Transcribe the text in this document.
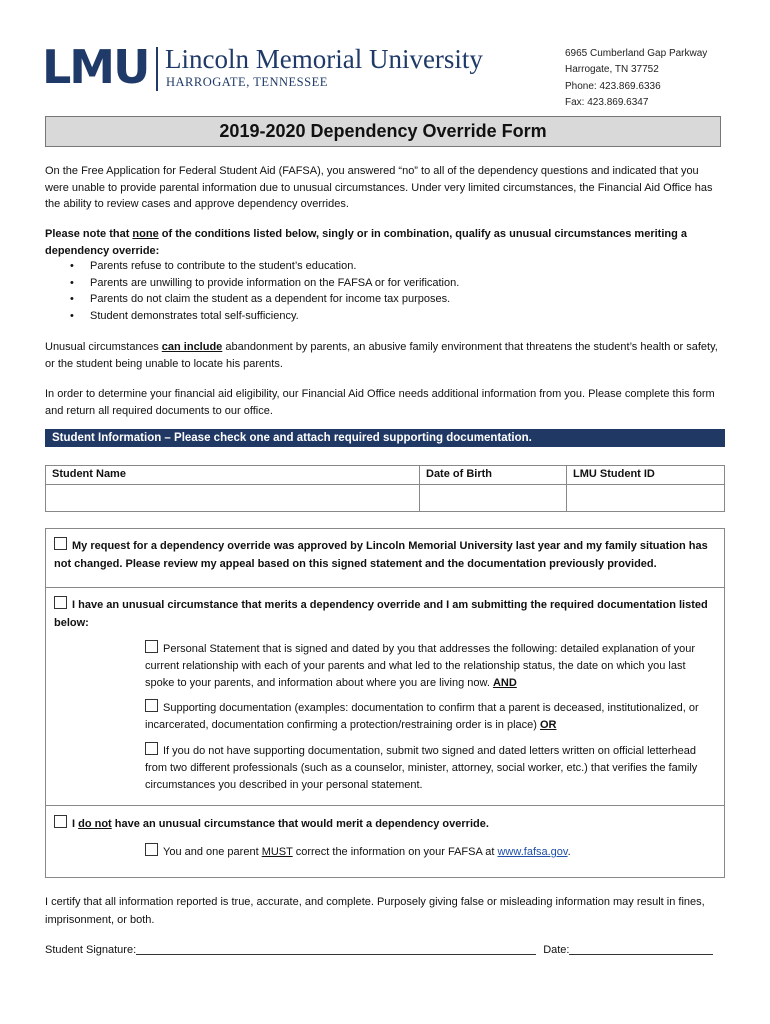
LMU Lincoln Memorial University
HARROGATE, TENNESSEE
6965 Cumberland Gap Parkway
Harrogate, TN 37752
Phone: 423.869.6336
Fax: 423.869.6347
2019-2020 Dependency Override Form

On the Free Application for Federal Student Aid (FAFSA), you answered “no” to all of the dependency questions and indicated that you were unable to provide parental information due to unusual circumstances. Under very limited circumstances, the Financial Aid Office has the ability to review cases and approve dependency overrides.

Please note that none of the conditions listed below, singly or in combination, qualify as unusual circumstances meriting a dependency override:

• Parents refuse to contribute to the student’s education.
• Parents are unwilling to provide information on the FAFSA or for verification.
• Parents do not claim the student as a dependent for income tax purposes.
• Student demonstrates total self-sufficiency.

Unusual circumstances can include abandonment by parents, an abusive family environment that threatens the student’s health or safety, or the student being unable to locate his parents.

In order to determine your financial aid eligibility, our Financial Aid Office needs additional information from you. Please complete this form and return all required documents to our office.

Student Information – Please check one and attach required supporting documentation.
Student Name	Date of Birth	LMU Student ID

My request for a dependency override was approved by Lincoln Memorial University last year and my family situation has not changed. Please review my appeal based on this signed statement and the documentation previously provided.
I have an unusual circumstance that merits a dependency override and I am submitting the required documentation listed below:
Personal Statement that is signed and dated by you that addresses the following: detailed explanation of your current relationship with each of your parents and what led to the relationship status, the date on which you last spoke to your parents, and information about where you are living now. AND
Supporting documentation (examples: documentation to confirm that a parent is deceased, institutionalized, or incarcerated, documentation confirming a protection/restraining order is in place) OR
If you do not have supporting documentation, submit two signed and dated letters written on official letterhead from two different professionals (such as a counselor, minister, attorney, social worker, etc.) that verifies the family circumstances you described in your personal statement.
I do not have an unusual circumstance that would merit a dependency override.
You and one parent MUST correct the information on your FAFSA at www.fafsa.gov.

I certify that all information reported is true, accurate, and complete. Purposely giving false or misleading information may result in fines, imprisonment, or both.

Student Signature:	Date:
